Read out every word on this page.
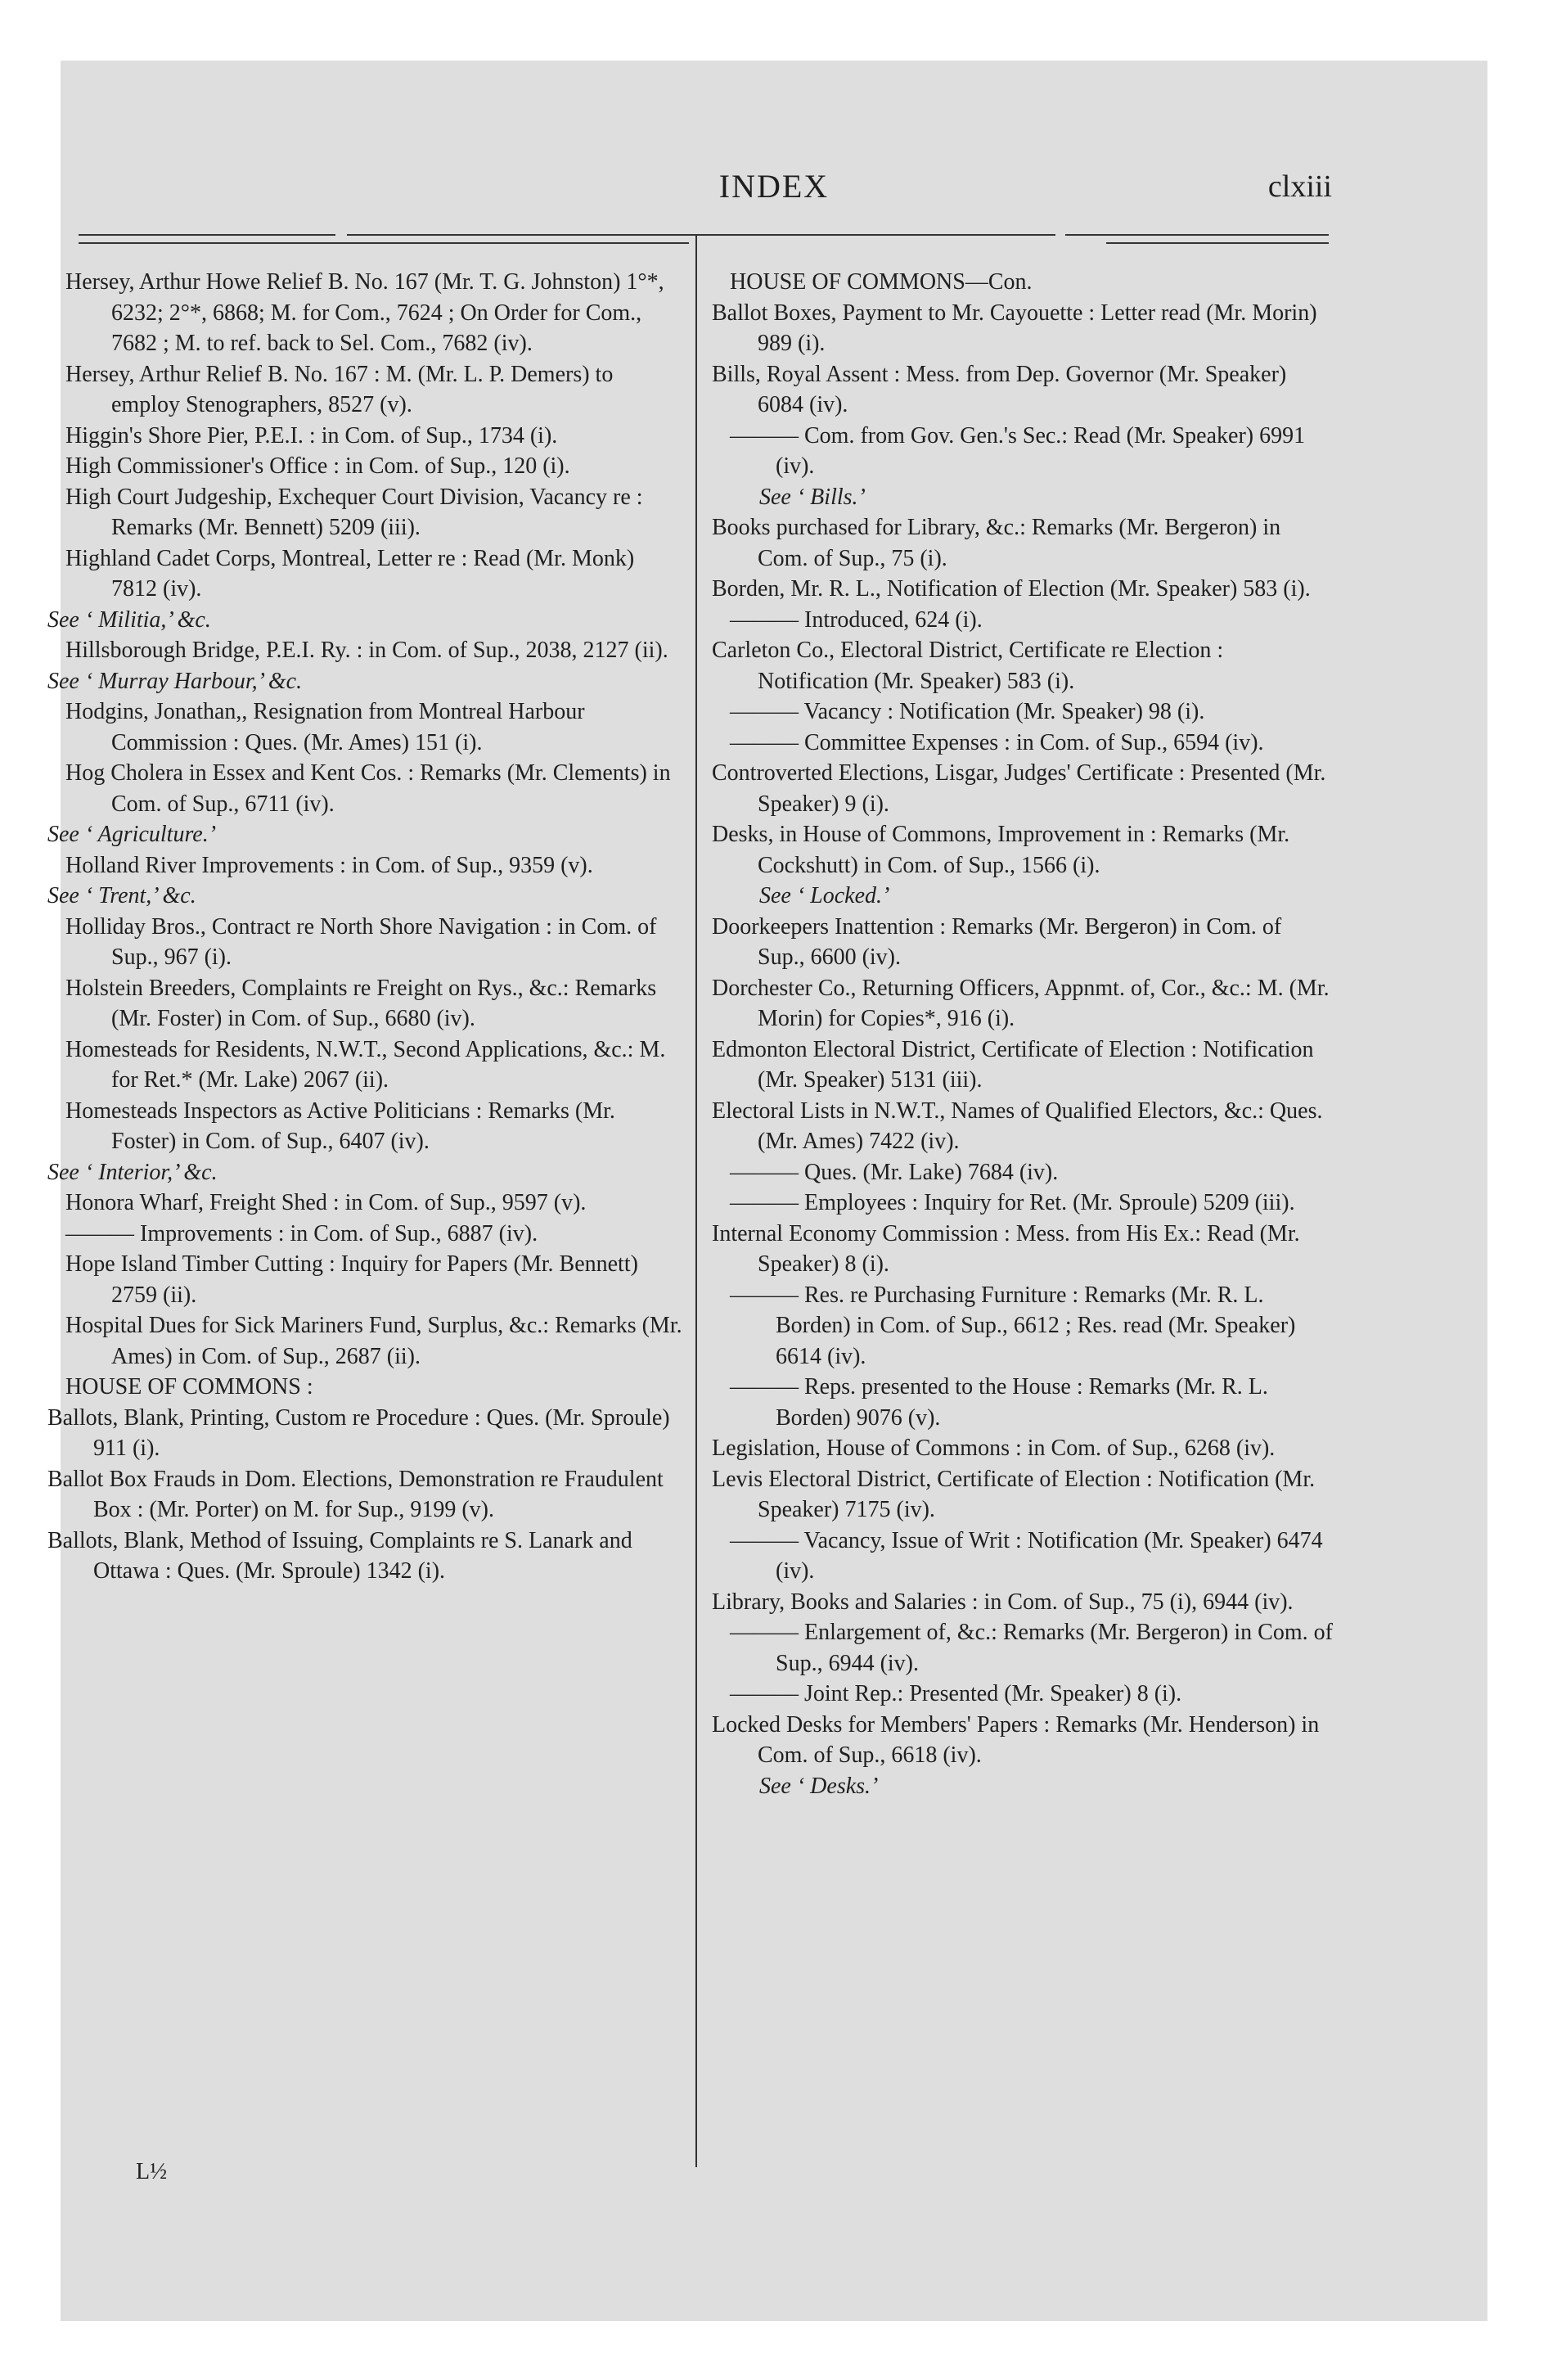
INDEX	clxiii
Hersey, Arthur Howe Relief B. No. 167 (Mr. T. G. Johnston) 1°*, 6232; 2°*, 6868; M. for Com., 7624 ; On Order for Com., 7682 ; M. to ref. back to Sel. Com., 7682 (iv).
Hersey, Arthur Relief B. No. 167 : M. (Mr. L. P. Demers) to employ Stenographers, 8527 (v).
Higgin's Shore Pier, P.E.I. : in Com. of Sup., 1734 (i).
High Commissioner's Office : in Com. of Sup., 120 (i).
High Court Judgeship, Exchequer Court Division, Vacancy re : Remarks (Mr. Bennett) 5209 (iii).
Highland Cadet Corps, Montreal, Letter re : Read (Mr. Monk) 7812 (iv).
See ‘ Militia,’ &c.
Hillsborough Bridge, P.E.I. Ry. : in Com. of Sup., 2038, 2127 (ii).
See ‘ Murray Harbour,’ &c.
Hodgins, Jonathan,, Resignation from Montreal Harbour Commission : Ques. (Mr. Ames) 151 (i).
Hog Cholera in Essex and Kent Cos. : Remarks (Mr. Clements) in Com. of Sup., 6711 (iv).
See ‘ Agriculture.’
Holland River Improvements : in Com. of Sup., 9359 (v).
See ‘ Trent,’ &c.
Holliday Bros., Contract re North Shore Navigation : in Com. of Sup., 967 (i).
Holstein Breeders, Complaints re Freight on Rys., &c.: Remarks (Mr. Foster) in Com. of Sup., 6680 (iv).
Homesteads for Residents, N.W.T., Second Applications, &c.: M. for Ret.* (Mr. Lake) 2067 (ii).
Homesteads Inspectors as Active Politicians : Remarks (Mr. Foster) in Com. of Sup., 6407 (iv).
See ‘ Interior,’ &c.
Honora Wharf, Freight Shed : in Com. of Sup., 9597 (v).
——— Improvements : in Com. of Sup., 6887 (iv).
Hope Island Timber Cutting : Inquiry for Papers (Mr. Bennett) 2759 (ii).
Hospital Dues for Sick Mariners Fund, Surplus, &c.: Remarks (Mr. Ames) in Com. of Sup., 2687 (ii).
HOUSE OF COMMONS :
Ballots, Blank, Printing, Custom re Procedure : Ques. (Mr. Sproule) 911 (i).
Ballot Box Frauds in Dom. Elections, Demonstration re Fraudulent Box : (Mr. Porter) on M. for Sup., 9199 (v).
Ballots, Blank, Method of Issuing, Complaints re S. Lanark and Ottawa : Ques. (Mr. Sproule) 1342 (i).
HOUSE OF COMMONS—Con.
Ballot Boxes, Payment to Mr. Cayouette : Letter read (Mr. Morin) 989 (i).
Bills, Royal Assent : Mess. from Dep. Governor (Mr. Speaker) 6084 (iv).
——— Com. from Gov. Gen.'s Sec.: Read (Mr. Speaker) 6991 (iv).
See ‘ Bills.’
Books purchased for Library, &c.: Remarks (Mr. Bergeron) in Com. of Sup., 75 (i).
Borden, Mr. R. L., Notification of Election (Mr. Speaker) 583 (i).
——— Introduced, 624 (i).
Carleton Co., Electoral District, Certificate re Election : Notification (Mr. Speaker) 583 (i).
——— Vacancy : Notification (Mr. Speaker) 98 (i).
——— Committee Expenses : in Com. of Sup., 6594 (iv).
Controverted Elections, Lisgar, Judges' Certificate : Presented (Mr. Speaker) 9 (i).
Desks, in House of Commons, Improvement in : Remarks (Mr. Cockshutt) in Com. of Sup., 1566 (i).
See ‘ Locked.’
Doorkeepers Inattention : Remarks (Mr. Bergeron) in Com. of Sup., 6600 (iv).
Dorchester Co., Returning Officers, Appnmt. of, Cor., &c.: M. (Mr. Morin) for Copies*, 916 (i).
Edmonton Electoral District, Certificate of Election : Notification (Mr. Speaker) 5131 (iii).
Electoral Lists in N.W.T., Names of Qualified Electors, &c.: Ques. (Mr. Ames) 7422 (iv).
——— Ques. (Mr. Lake) 7684 (iv).
——— Employees : Inquiry for Ret. (Mr. Sproule) 5209 (iii).
Internal Economy Commission : Mess. from His Ex.: Read (Mr. Speaker) 8 (i).
——— Res. re Purchasing Furniture : Remarks (Mr. R. L. Borden) in Com. of Sup., 6612 ; Res. read (Mr. Speaker) 6614 (iv).
——— Reps. presented to the House : Remarks (Mr. R. L. Borden) 9076 (v).
Legislation, House of Commons : in Com. of Sup., 6268 (iv).
Levis Electoral District, Certificate of Election : Notification (Mr. Speaker) 7175 (iv).
——— Vacancy, Issue of Writ : Notification (Mr. Speaker) 6474 (iv).
Library, Books and Salaries : in Com. of Sup., 75 (i), 6944 (iv).
——— Enlargement of, &c.: Remarks (Mr. Bergeron) in Com. of Sup., 6944 (iv).
——— Joint Rep.: Presented (Mr. Speaker) 8 (i).
Locked Desks for Members' Papers : Remarks (Mr. Henderson) in Com. of Sup., 6618 (iv).
See ‘ Desks.’
L½
